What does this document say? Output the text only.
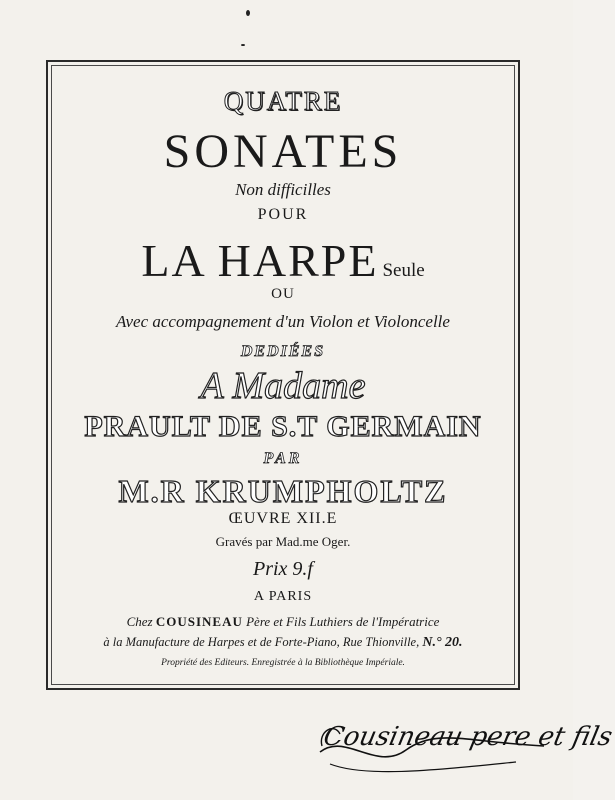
QUATRE
SONATES
Non difficilles
POUR
LA HARPE Seule
OU
Avec accompagnement d'un Violon et Violoncelle
DEDIÉES
A Madame
PRAULT DE S.T GERMAIN
PAR
M.R KRUMPHOLTZ
ŒUVRE XII.E
Gravés par Mad.me Oger.
Prix 9.f
A PARIS
Chez COUSINEAU Père et Fils Luthiers de l'Impératrice
à la Manufacture de Harpes et de Forte-Piano, Rue Thionville, N.° 20.
Propriété des Editeurs. Enregistrée à la Bibliothèque Impériale.
Cousineau pere et fils
